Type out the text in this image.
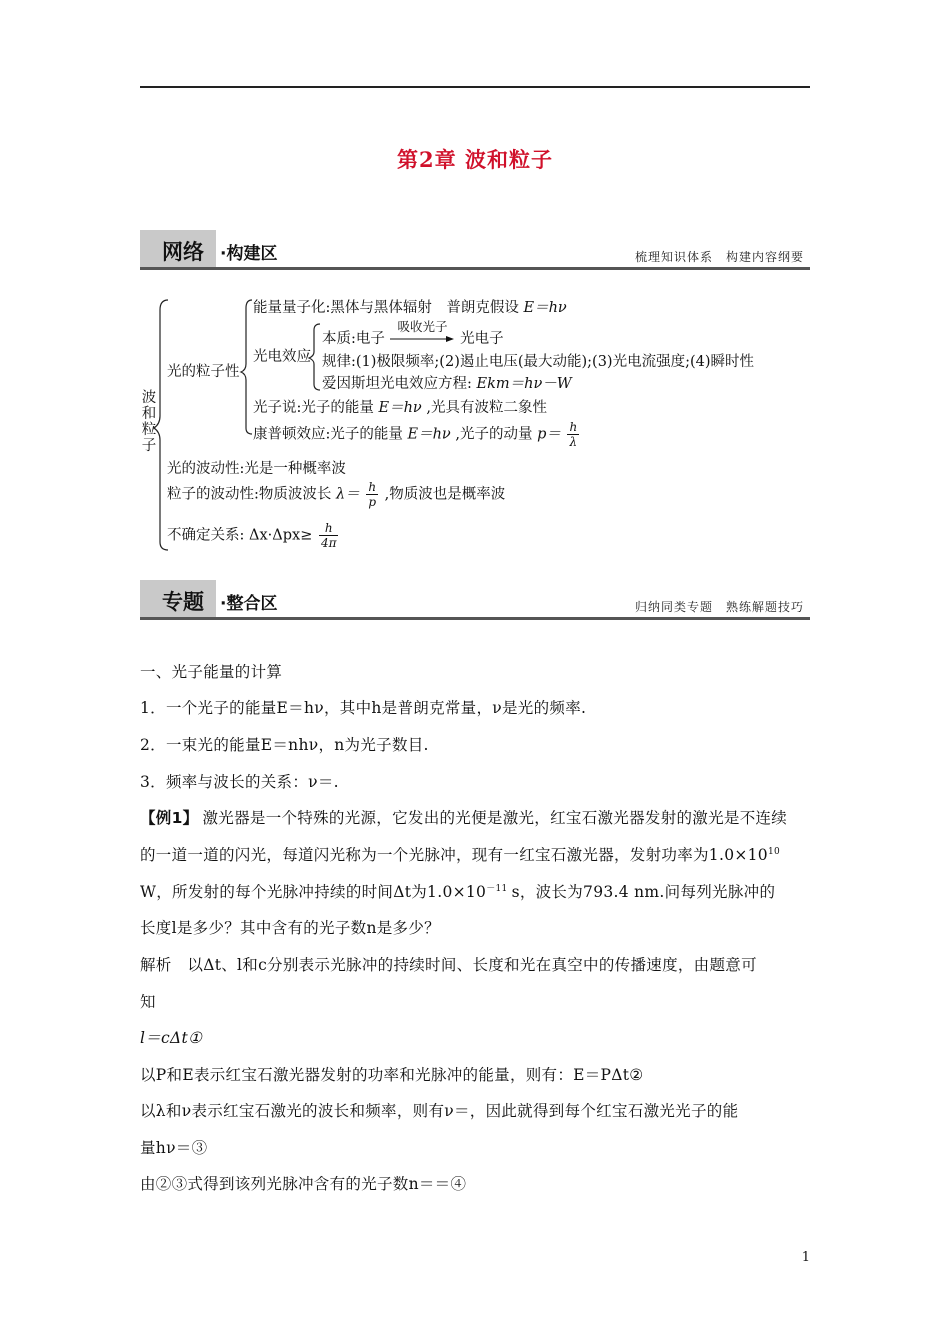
第2章 波和粒子
网络 ·构建区	梳理知识体系　构建内容纲要
波和粒子
光的粒子性
能量量子化:黑体与黑体辐射　普朗克假设 E＝hν
光电效应
本质:电子
吸收光子
光电子
规律:(1)极限频率;(2)遏止电压(最大动能);(3)光电流强度;(4)瞬时性
爱因斯坦光电效应方程: Ekm＝hν－W
光子说:光子的能量 E＝hν ,光具有波粒二象性
康普顿效应:光子的能量 E＝hν ,光子的动量 $p= \frac{h}{\lambda}$
光的波动性:光是一种概率波
粒子的波动性:物质波波长 $\lambda= \frac{h}{p}$ ,物质波也是概率波
不确定关系: $\Delta x\cdot\Delta px\ge \frac{h}{4\pi}$
专题 ·整合区	归纳同类专题　熟练解题技巧
一、光子能量的计算
1．一个光子的能量E＝hν，其中h是普朗克常量，ν是光的频率.
2．一束光的能量E＝nhν，n为光子数目.
3．频率与波长的关系：ν＝.
【例1】 激光器是一个特殊的光源，它发出的光便是激光，红宝石激光器发射的激光是不连续
的一道一道的闪光，每道闪光称为一个光脉冲，现有一红宝石激光器，发射功率为$1.0\times 10^{10}$
W，所发射的每个光脉冲持续的时间Δt为$1.0\times 10^{-11}$ s，波长为793.4 nm.问每列光脉冲的
长度l是多少？其中含有的光子数n是多少？
解析　以Δt、l和c分别表示光脉冲的持续时间、长度和光在真空中的传播速度，由题意可
知
l＝cΔt①
以P和E表示红宝石激光器发射的功率和光脉冲的能量，则有：E＝PΔt②
以λ和ν表示红宝石激光的波长和频率，则有ν＝，因此就得到每个红宝石激光光子的能
量hν＝③
由②③式得到该列光脉冲含有的光子数n＝＝④
1
